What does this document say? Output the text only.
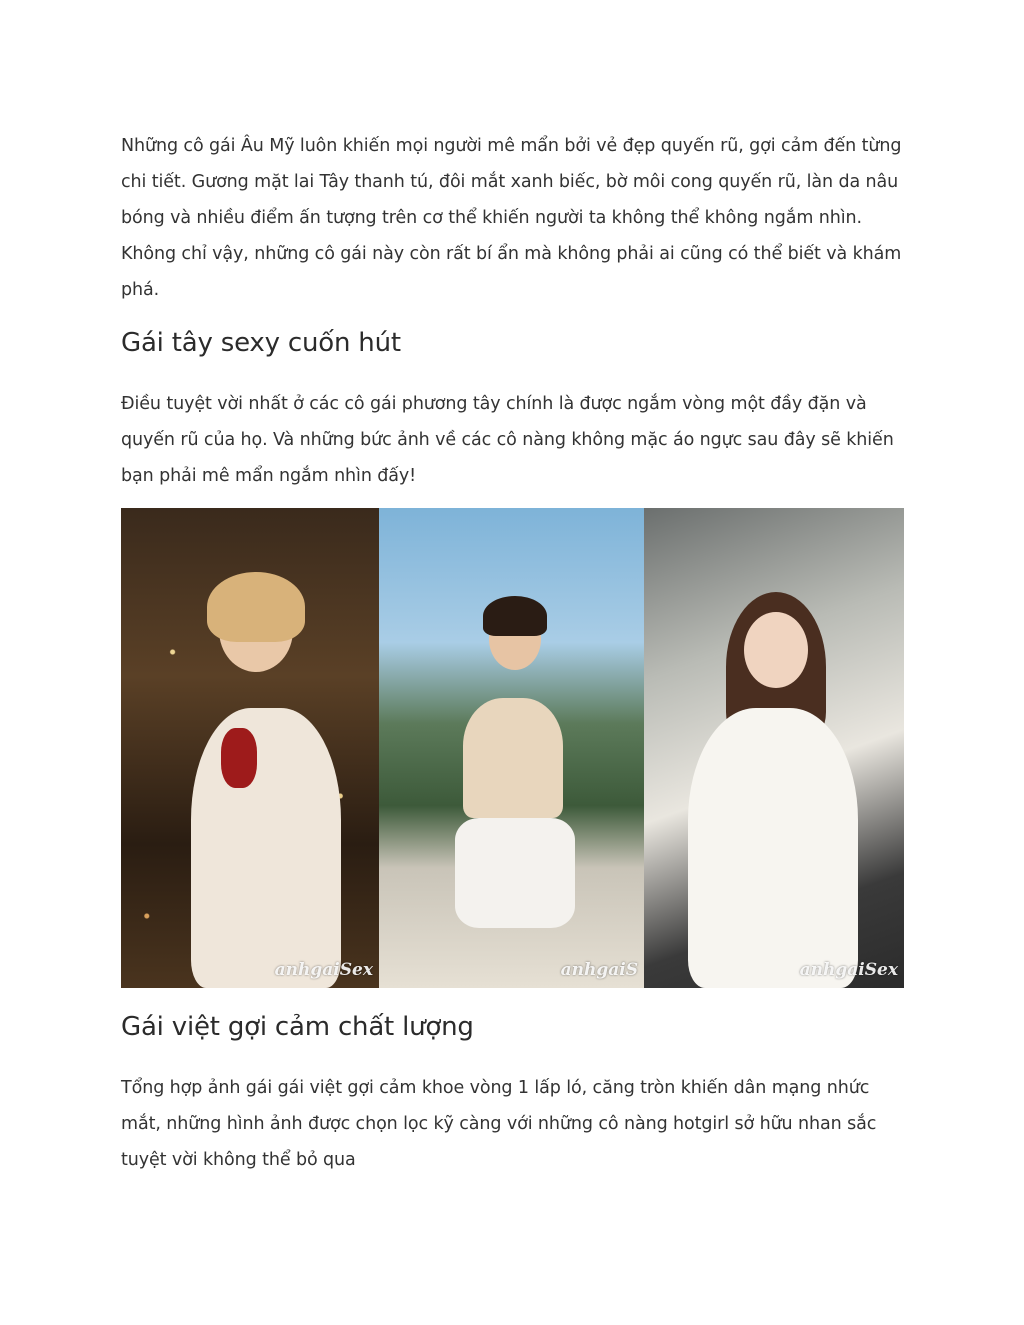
Những cô gái Âu Mỹ luôn khiến mọi người mê mẩn bởi vẻ đẹp quyến rũ, gợi cảm đến từng chi tiết. Gương mặt lai Tây thanh tú, đôi mắt xanh biếc, bờ môi cong quyến rũ, làn da nâu bóng và nhiều điểm ấn tượng trên cơ thể khiến người ta không thể không ngắm nhìn. Không chỉ vậy, những cô gái này còn rất bí ẩn mà không phải ai cũng có thể biết và khám phá.

Gái tây sexy cuốn hút

Điều tuyệt vời nhất ở các cô gái phương tây chính là được ngắm vòng một đầy đặn và quyến rũ của họ. Và những bức ảnh về các cô nàng không mặc áo ngực sau đây sẽ khiến bạn phải mê mẩn ngắm nhìn đấy!

anhgaiSex	anhgaiS	anhgaiSex
Gái việt gợi cảm chất lượng

Tổng hợp ảnh gái gái việt gợi cảm khoe vòng 1 lấp ló, căng tròn khiến dân mạng nhức mắt, những hình ảnh được chọn lọc kỹ càng với những cô nàng hotgirl sở hữu nhan sắc tuyệt vời không thể bỏ qua
